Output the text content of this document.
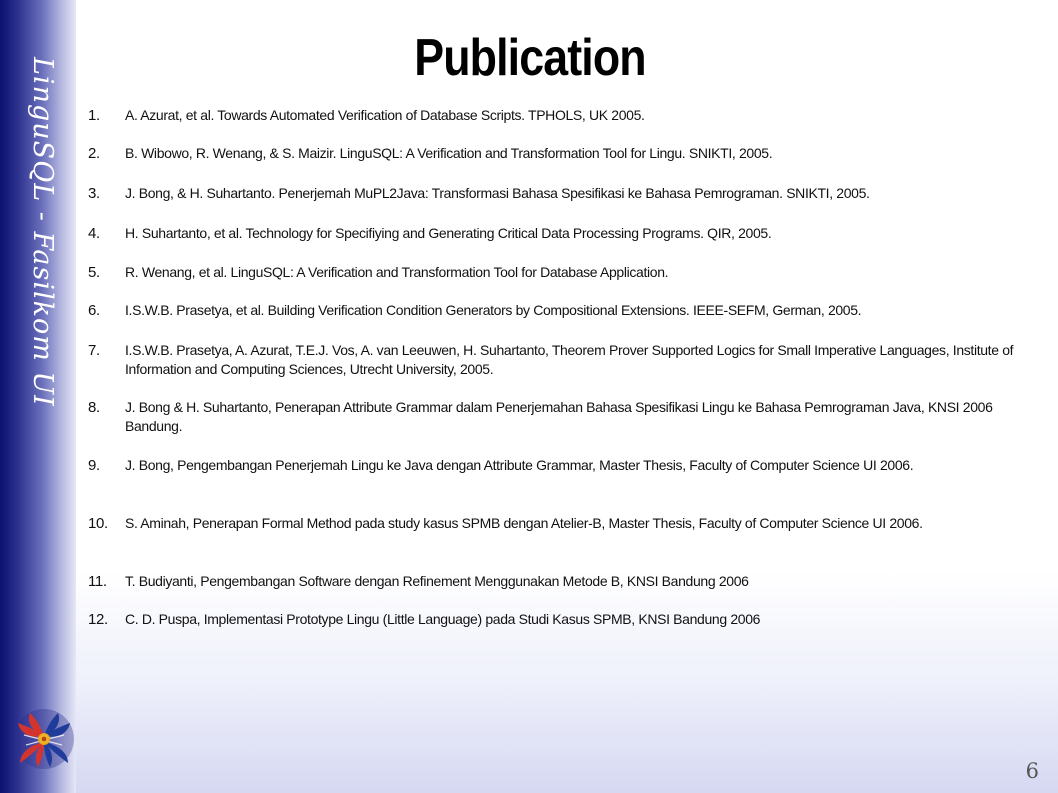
LinguSQL - Fasilkom UI	Publication
1.	A. Azurat, et al. Towards Automated Verification of Database Scripts. TPHOLS, UK 2005.
2.	B. Wibowo, R. Wenang, & S. Maizir. LinguSQL: A Verification and Transformation Tool for Lingu. SNIKTI, 2005.
3.	J. Bong, & H. Suhartanto. Penerjemah MuPL2Java: Transformasi Bahasa Spesifikasi ke Bahasa Pemrograman. SNIKTI, 2005.
4.	H. Suhartanto, et al. Technology for Specifiying and Generating Critical Data Processing Programs. QIR, 2005.
5.	R. Wenang, et al. LinguSQL: A Verification and Transformation Tool for Database Application.
6.	I.S.W.B. Prasetya, et al. Building Verification Condition Generators by Compositional Extensions. IEEE-SEFM, German, 2005.
7.	I.S.W.B. Prasetya, A. Azurat, T.E.J. Vos, A. van Leeuwen, H. Suhartanto, Theorem Prover Supported Logics for Small Imperative Languages, Institute of Information and Computing Sciences, Utrecht University, 2005.
8.	J. Bong & H. Suhartanto, Penerapan Attribute Grammar dalam Penerjemahan Bahasa Spesifikasi Lingu ke Bahasa Pemrograman Java, KNSI 2006 Bandung.
9.	J. Bong, Pengembangan Penerjemah Lingu ke Java dengan Attribute Grammar, Master Thesis, Faculty of Computer Science UI 2006.
10.	S. Aminah, Penerapan Formal Method pada study kasus SPMB dengan Atelier-B, Master Thesis, Faculty of Computer Science UI 2006.
11.	T. Budiyanti, Pengembangan Software dengan Refinement Menggunakan Metode B, KNSI Bandung 2006
12.	C. D. Puspa, Implementasi Prototype Lingu (Little Language) pada Studi Kasus SPMB, KNSI Bandung 2006
6
